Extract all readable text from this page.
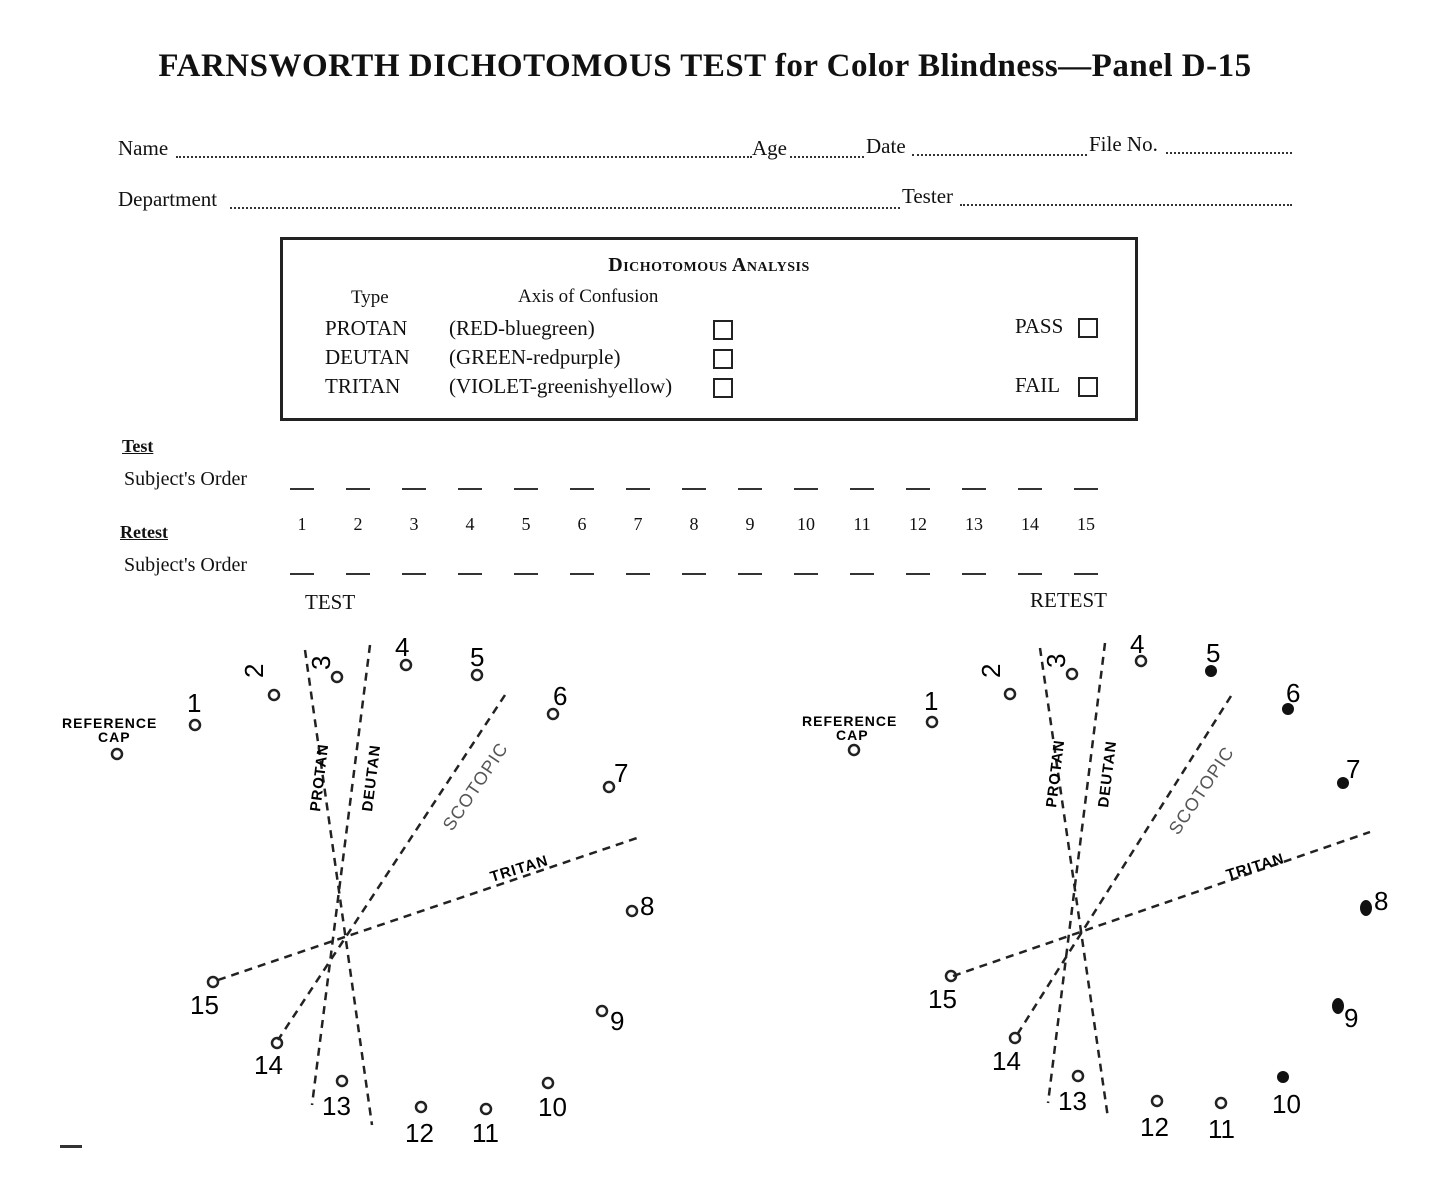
FARNSWORTH DICHOTOMOUS TEST for Color Blindness—Panel D-15
Name	Age	Date	File No.
Department	Tester
Dichotomous Analysis
Type	Axis of Confusion
PROTAN (RED-bluegreen)
DEUTAN (GREEN-redpurple)
TRITAN (VIOLET-greenishyellow)
PASS
FAIL
Test
Subject's Order
1	2	3	4	5	6	7	8	9	10	11	12	13	14	15
Retest
Subject's Order
TEST	RETEST
PROTAN DEUTAN	SCOTOPIC
TRITAN
REFERENCE
CAP
1
2
3
4 5
6
7
8
9
10
11
12
13
14
15
PROTAN DEUTAN SCOTOPIC
TRITAN
REFERENCE
CAP
1
2
3
4 5
6
7
8
9
10
11
12
13
14
15
